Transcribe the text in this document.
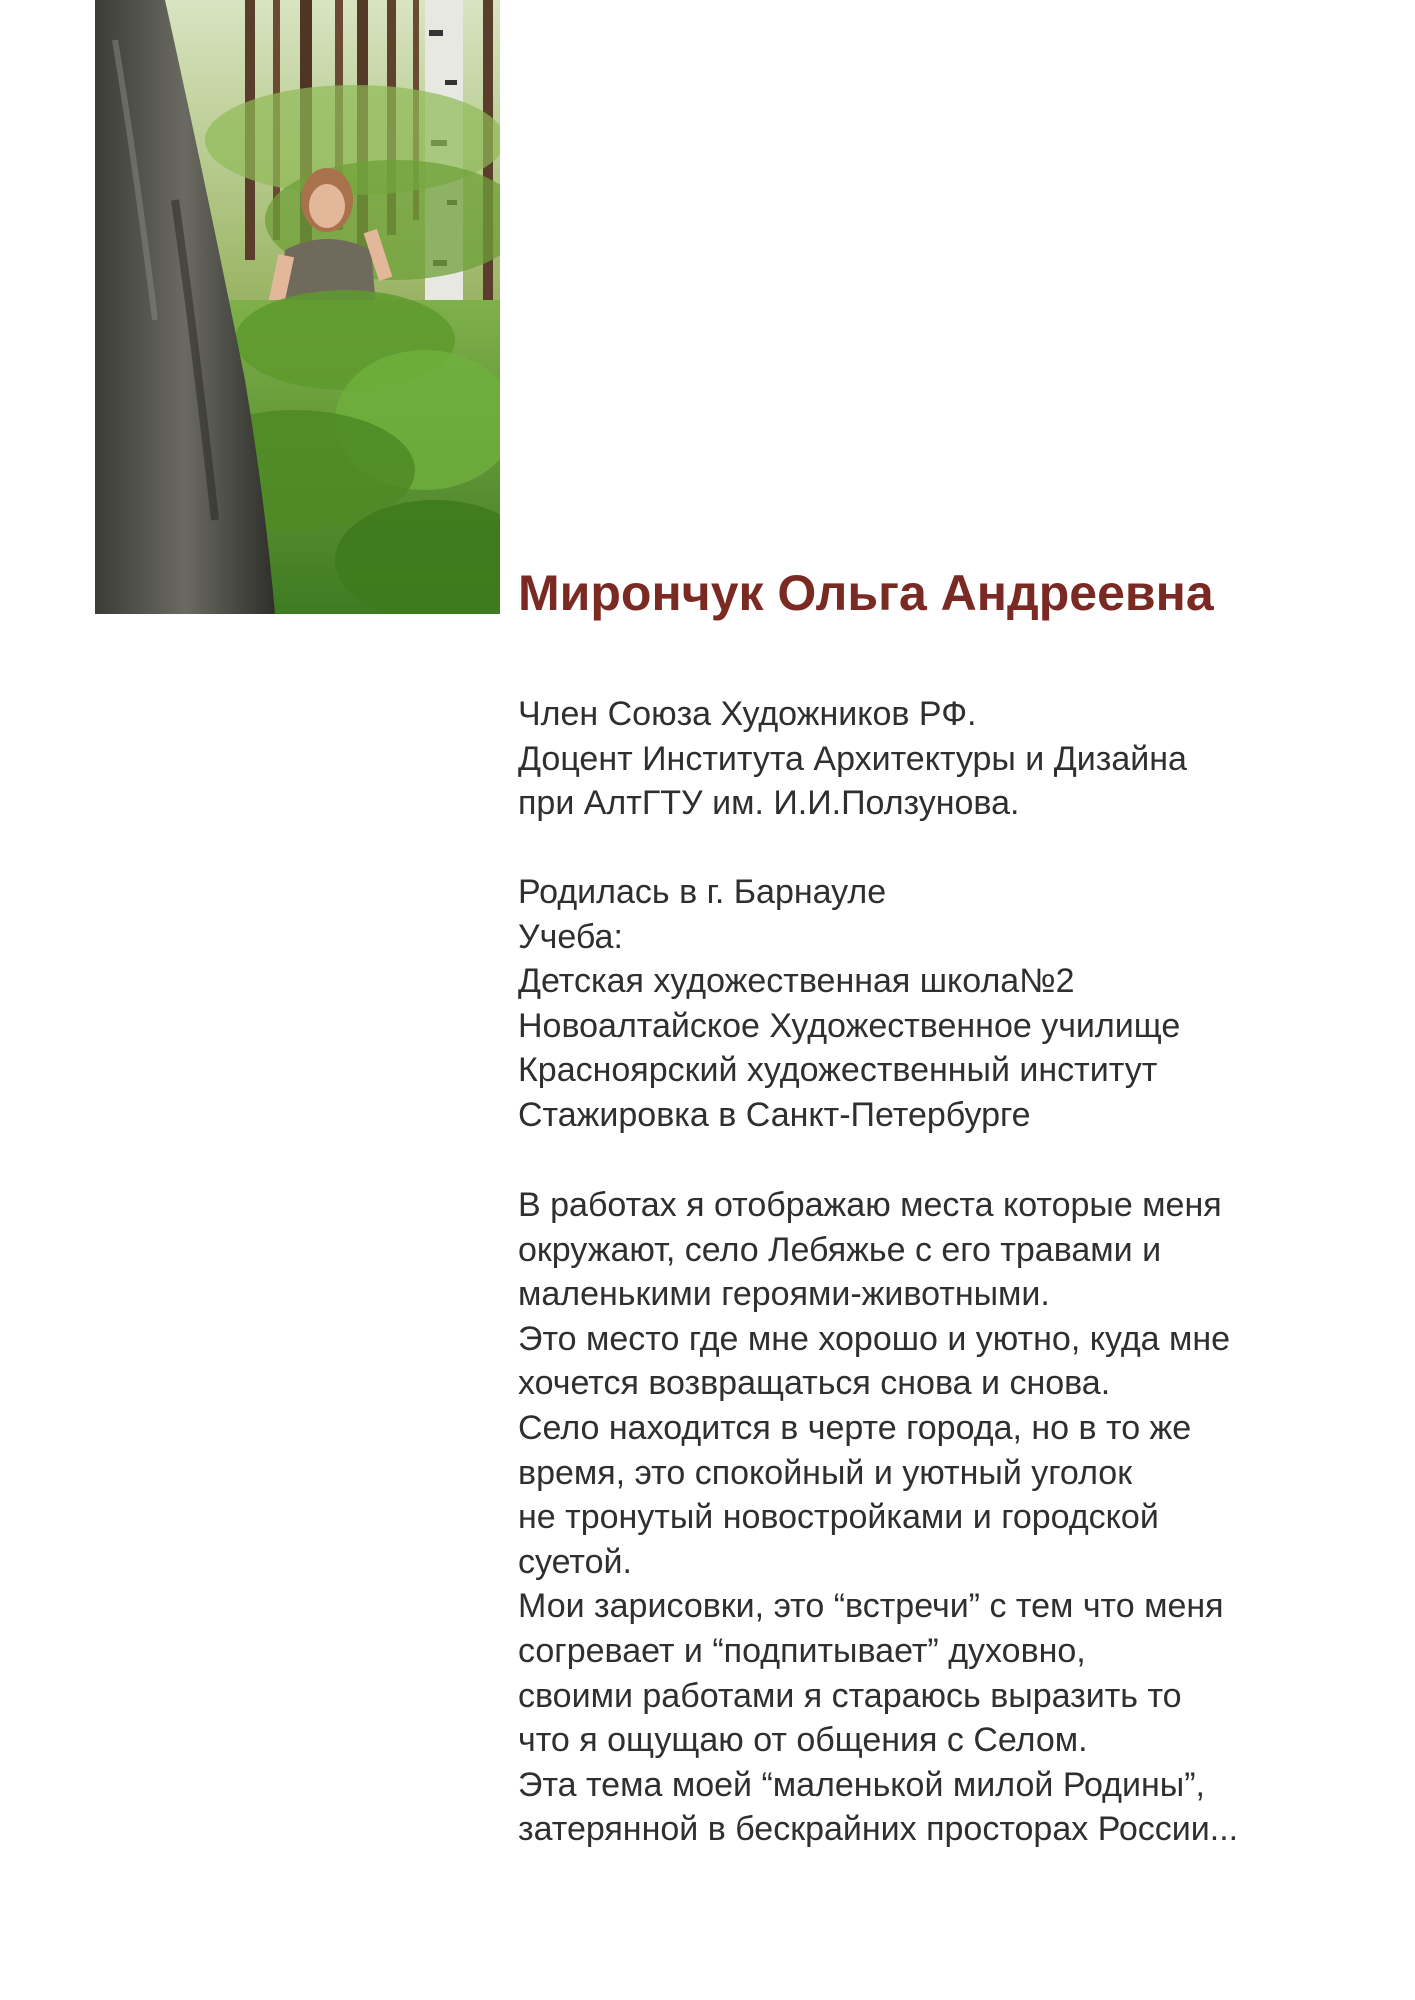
Мирончук Ольга Андреевна

Член Союза Художников РФ.
Доцент Института Архитектуры и Дизайна
при АлтГТУ им. И.И.Ползунова.

Родилась в г. Барнауле
Учеба:
Детская художественная школа№2
Новоалтайское Художественное училище
Красноярский художественный институт
Стажировка в Санкт-Петербурге

В работах я отображаю места которые меня
окружают, село Лебяжье с его травами и
маленькими героями-животными.
Это место где мне хорошо и уютно, куда мне
хочется возвращаться снова и снова.
Село находится в черте города, но в то же
время, это спокойный и уютный уголок
не тронутый новостройками и городской
суетой.
Мои зарисовки, это “встречи” с тем что меня
согревает и “подпитывает” духовно,
своими работами я стараюсь выразить то
что я ощущаю от общения с Селом.
Эта тема моей “маленькой милой Родины”,
затерянной в бескрайних просторах России...
